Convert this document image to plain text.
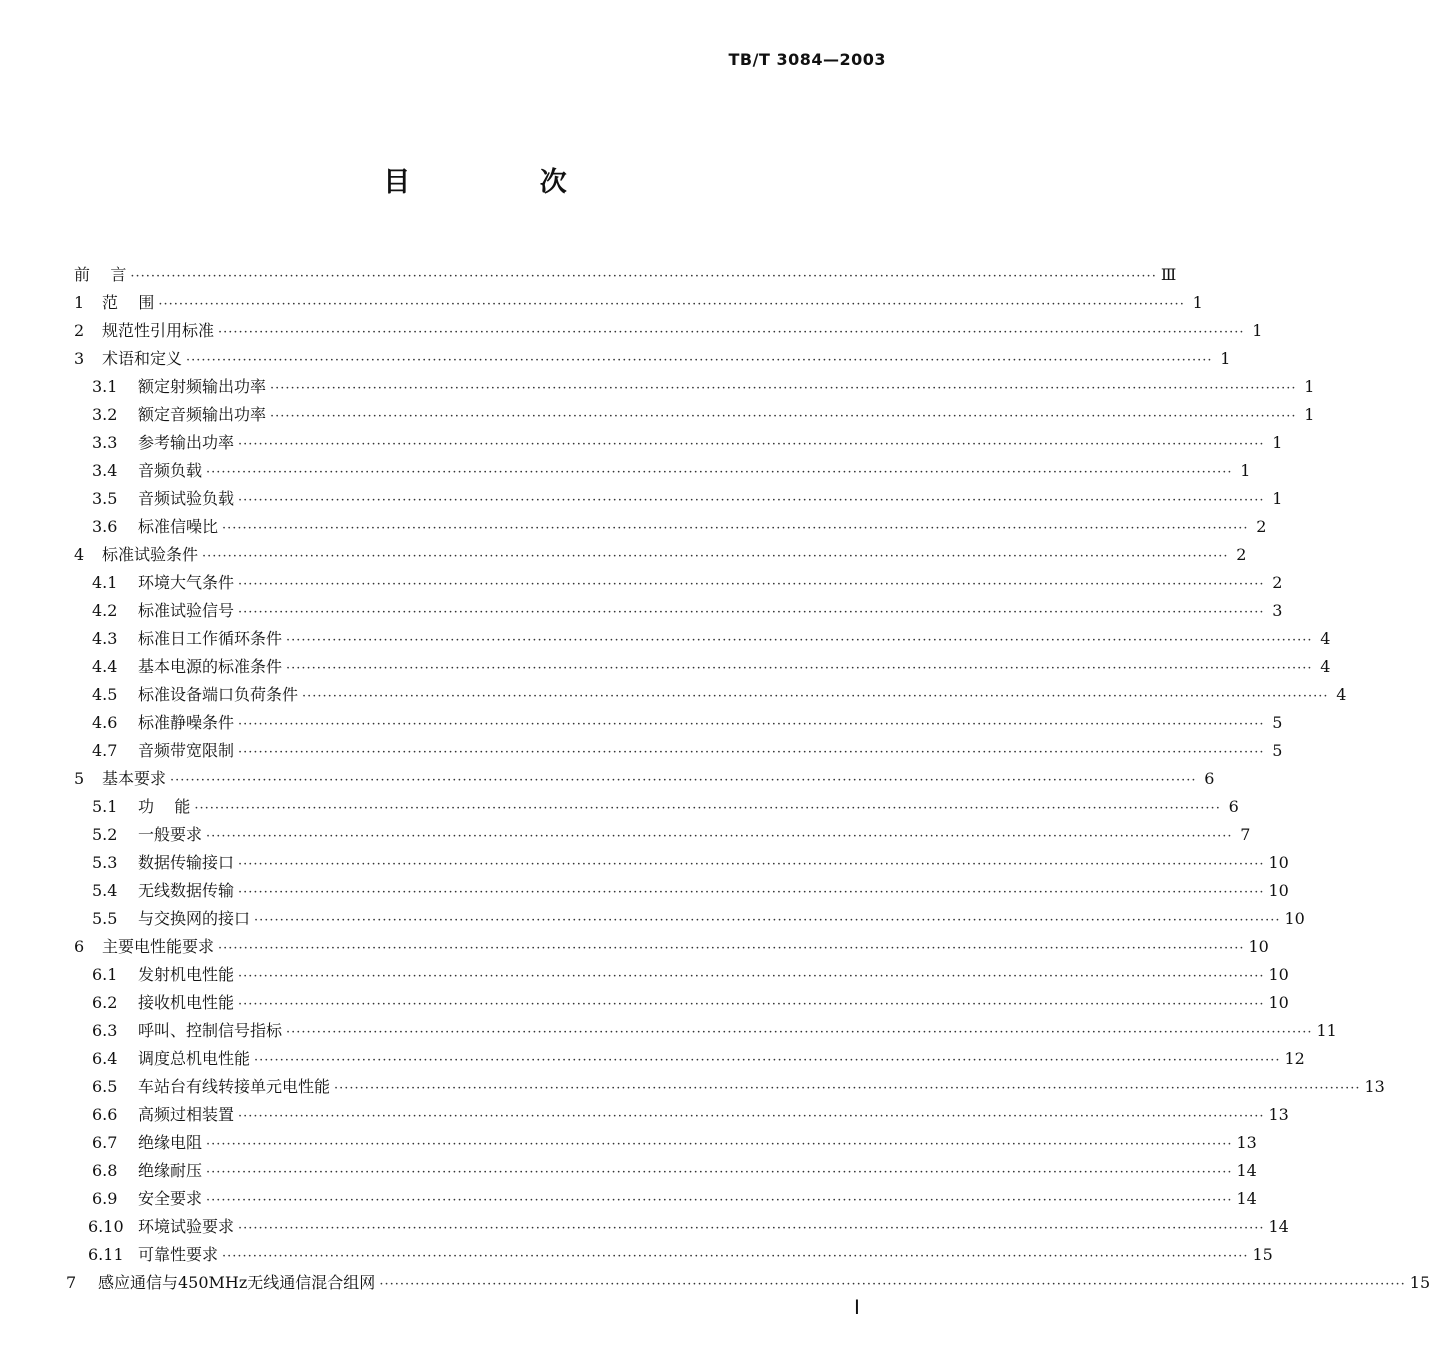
TB/T 3084—2003
目 次
前    言 ········································································································································································································ Ⅲ
1 范    围 ········································································································································································································ 1
2 规范性引用标准 ········································································································································································································ 1
3 术语和定义 ········································································································································································································ 1
3.1 额定射频输出功率 ········································································································································································································ 1
3.2 额定音频输出功率 ········································································································································································································ 1
3.3 参考输出功率 ········································································································································································································ 1
3.4 音频负载 ········································································································································································································ 1
3.5 音频试验负载 ········································································································································································································ 1
3.6 标准信噪比 ········································································································································································································ 2
4 标准试验条件 ········································································································································································································ 2
4.1 环境大气条件 ········································································································································································································ 2
4.2 标准试验信号 ········································································································································································································ 3
4.3 标准日工作循环条件 ········································································································································································································ 4
4.4 基本电源的标准条件 ········································································································································································································ 4
4.5 标准设备端口负荷条件 ········································································································································································································ 4
4.6 标准静噪条件 ········································································································································································································ 5
4.7 音频带宽限制 ········································································································································································································ 5
5 基本要求 ········································································································································································································ 6
5.1 功    能 ········································································································································································································ 6
5.2 一般要求 ········································································································································································································ 7
5.3 数据传输接口 ········································································································································································································ 10
5.4 无线数据传输 ········································································································································································································ 10
5.5 与交换网的接口 ········································································································································································································ 10
6 主要电性能要求 ········································································································································································································ 10
6.1 发射机电性能 ········································································································································································································ 10
6.2 接收机电性能 ········································································································································································································ 10
6.3 呼叫、控制信号指标 ········································································································································································································ 11
6.4 调度总机电性能 ········································································································································································································ 12
6.5 车站台有线转接单元电性能 ········································································································································································································ 13
6.6 高频过相装置 ········································································································································································································ 13
6.7 绝缘电阻 ········································································································································································································ 13
6.8 绝缘耐压 ········································································································································································································ 14
6.9 安全要求 ········································································································································································································ 14
6.10 环境试验要求 ········································································································································································································ 14
6.11 可靠性要求 ········································································································································································································ 15
7 感应通信与450MHz无线通信混合组网 ········································································································································································································ 15
Ⅰ
